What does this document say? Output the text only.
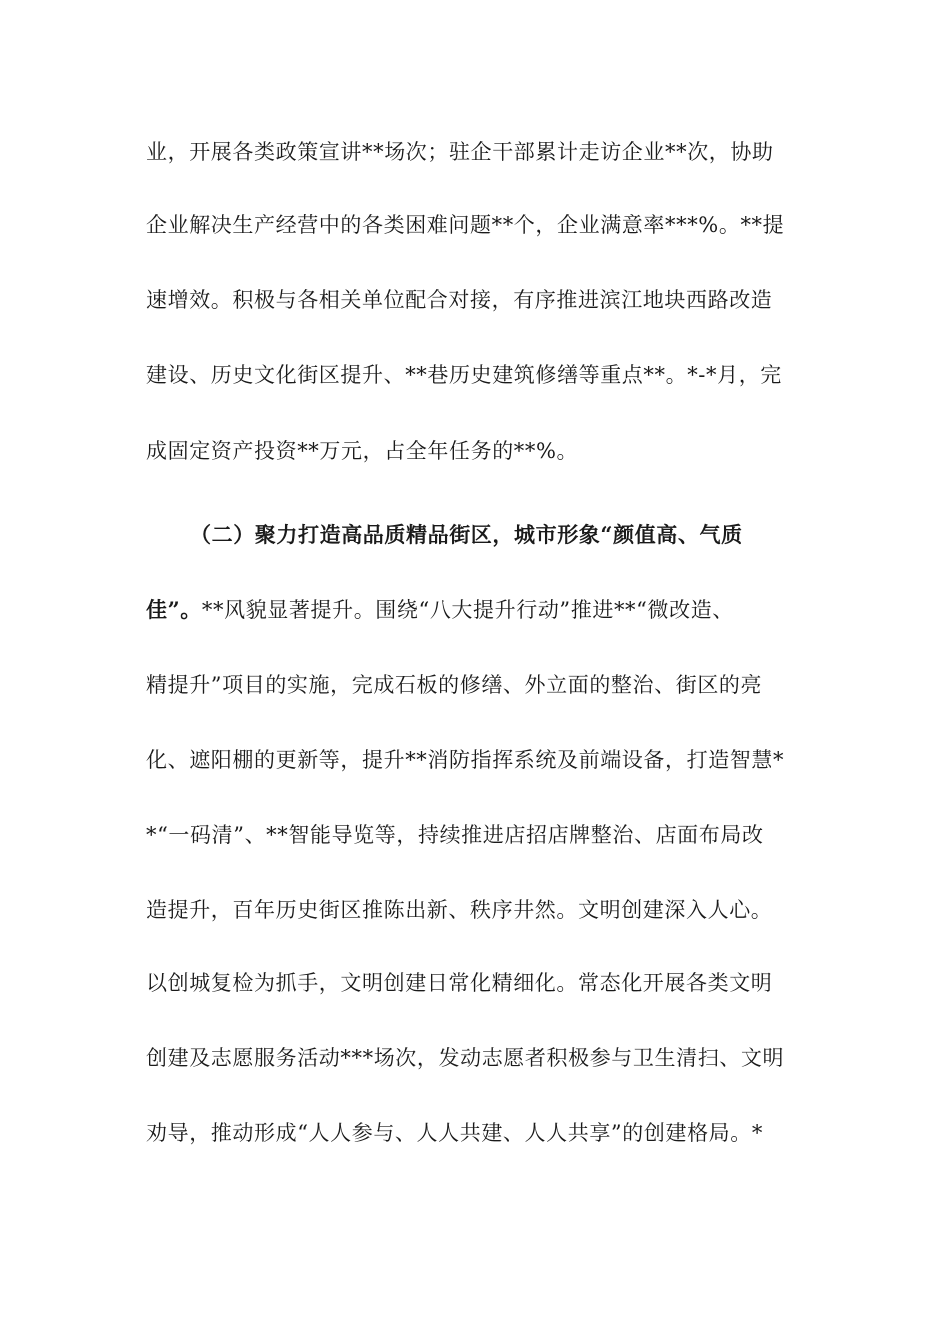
业，开展各类政策宣讲**场次；驻企干部累计走访企业**次，协助
企业解决生产经营中的各类困难问题**个，企业满意率***%。**提
速增效。积极与各相关单位配合对接，有序推进滨江地块西路改造
建设、历史文化街区提升、**巷历史建筑修缮等重点**。*-*月，完
成固定资产投资**万元，占全年任务的**%。
（二）聚力打造高品质精品街区，城市形象“颜值高、气质
佳”。**风貌显著提升。围绕“八大提升行动”推进**“微改造、
精提升”项目的实施，完成石板的修缮、外立面的整治、街区的亮
化、遮阳棚的更新等，提升**消防指挥系统及前端设备，打造智慧*
*“一码清”、**智能导览等，持续推进店招店牌整治、店面布局改
造提升，百年历史街区推陈出新、秩序井然。文明创建深入人心。
以创城复检为抓手，文明创建日常化精细化。常态化开展各类文明
创建及志愿服务活动***场次，发动志愿者积极参与卫生清扫、文明
劝导，推动形成“人人参与、人人共建、人人共享”的创建格局。*
